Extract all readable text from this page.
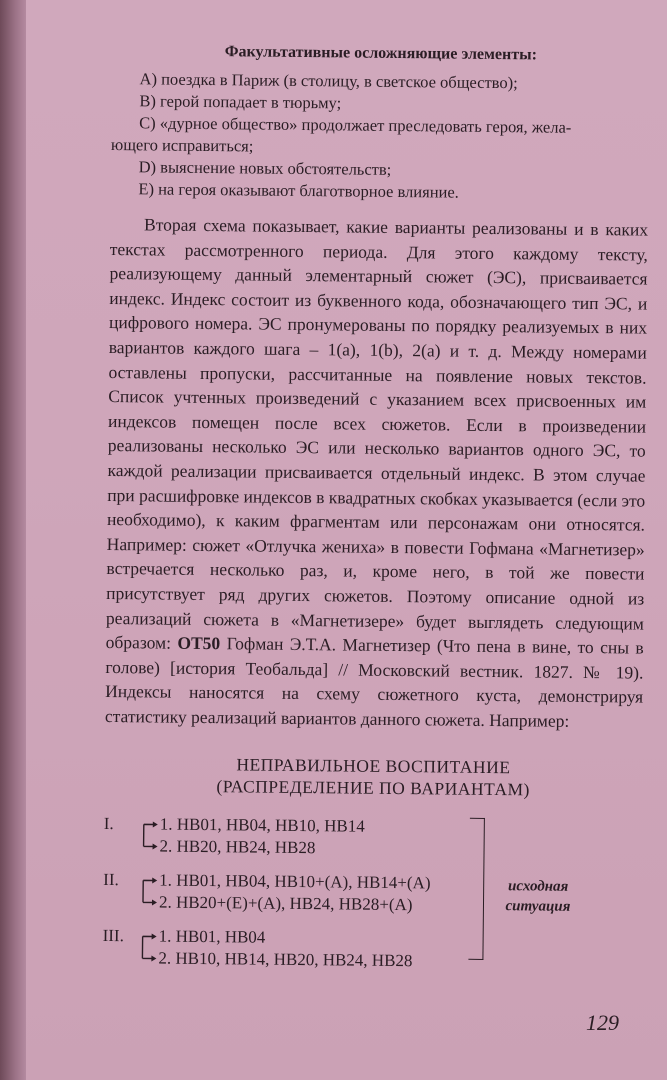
Факультативные осложняющие элементы:

А) поездка в Париж (в столицу, в светское общество);

В) герой попадает в тюрьму;

С) «дурное общество» продолжает преследовать героя, жела-
ющего исправиться;

D) выяснение новых обстоятельств;

Е) на героя оказывают благотворное влияние.

Вторая схема показывает, какие варианты реализованы и в каких текстах рассмотренного периода. Для этого каждому тексту, реализующему данный элементарный сюжет (ЭС), присваивается индекс. Индекс состоит из буквенного кода, обозначающего тип ЭС, и цифрового номера. ЭС пронумерованы по порядку реализуемых в них вариантов каждого шага – 1(a), 1(b), 2(a) и т. д. Между номерами оставлены пропуски, рассчитанные на появление новых текстов. Список учтенных произведений с указанием всех присвоенных им индексов помещен после всех сюжетов. Если в произведении реализованы несколько ЭС или несколько вариантов одного ЭС, то каждой реализации присваивается отдельный индекс. В этом случае при расшифровке индексов в квадратных скобках указывается (если это необходимо), к каким фрагментам или персонажам они относятся. Например: сюжет «Отлучка жениха» в повести Гофмана «Магнетизер» встречается несколько раз, и, кроме него, в той же повести присутствует ряд других сюжетов. Поэтому описание одной из реализаций сюжета в «Магнетизере» будет выглядеть следующим образом: ОТ50 Гофман Э.Т.А. Магнетизер (Что пена в вине, то сны в голове) [история Теобальда] // Московский вестник. 1827. № 19). Индексы наносятся на схему сюжетного куста, демонстрируя статистику реализаций вариантов данного сюжета. Например:

НЕПРАВИЛЬНОЕ ВОСПИТАНИЕ
(РАСПРЕДЕЛЕНИЕ ПО ВАРИАНТАМ)
I.	1. НВ01, НВ04, НВ10, НВ14
2. НВ20, НВ24, НВ28
II. 1. НВ01, НВ04, НВ10+(А), НВ14+(А)
2. НВ20+(Е)+(А), НВ24, НВ28+(А)
III. 1. НВ01, НВ04
2. НВ10, НВ14, НВ20, НВ24, НВ28
исходная
ситуация
129
